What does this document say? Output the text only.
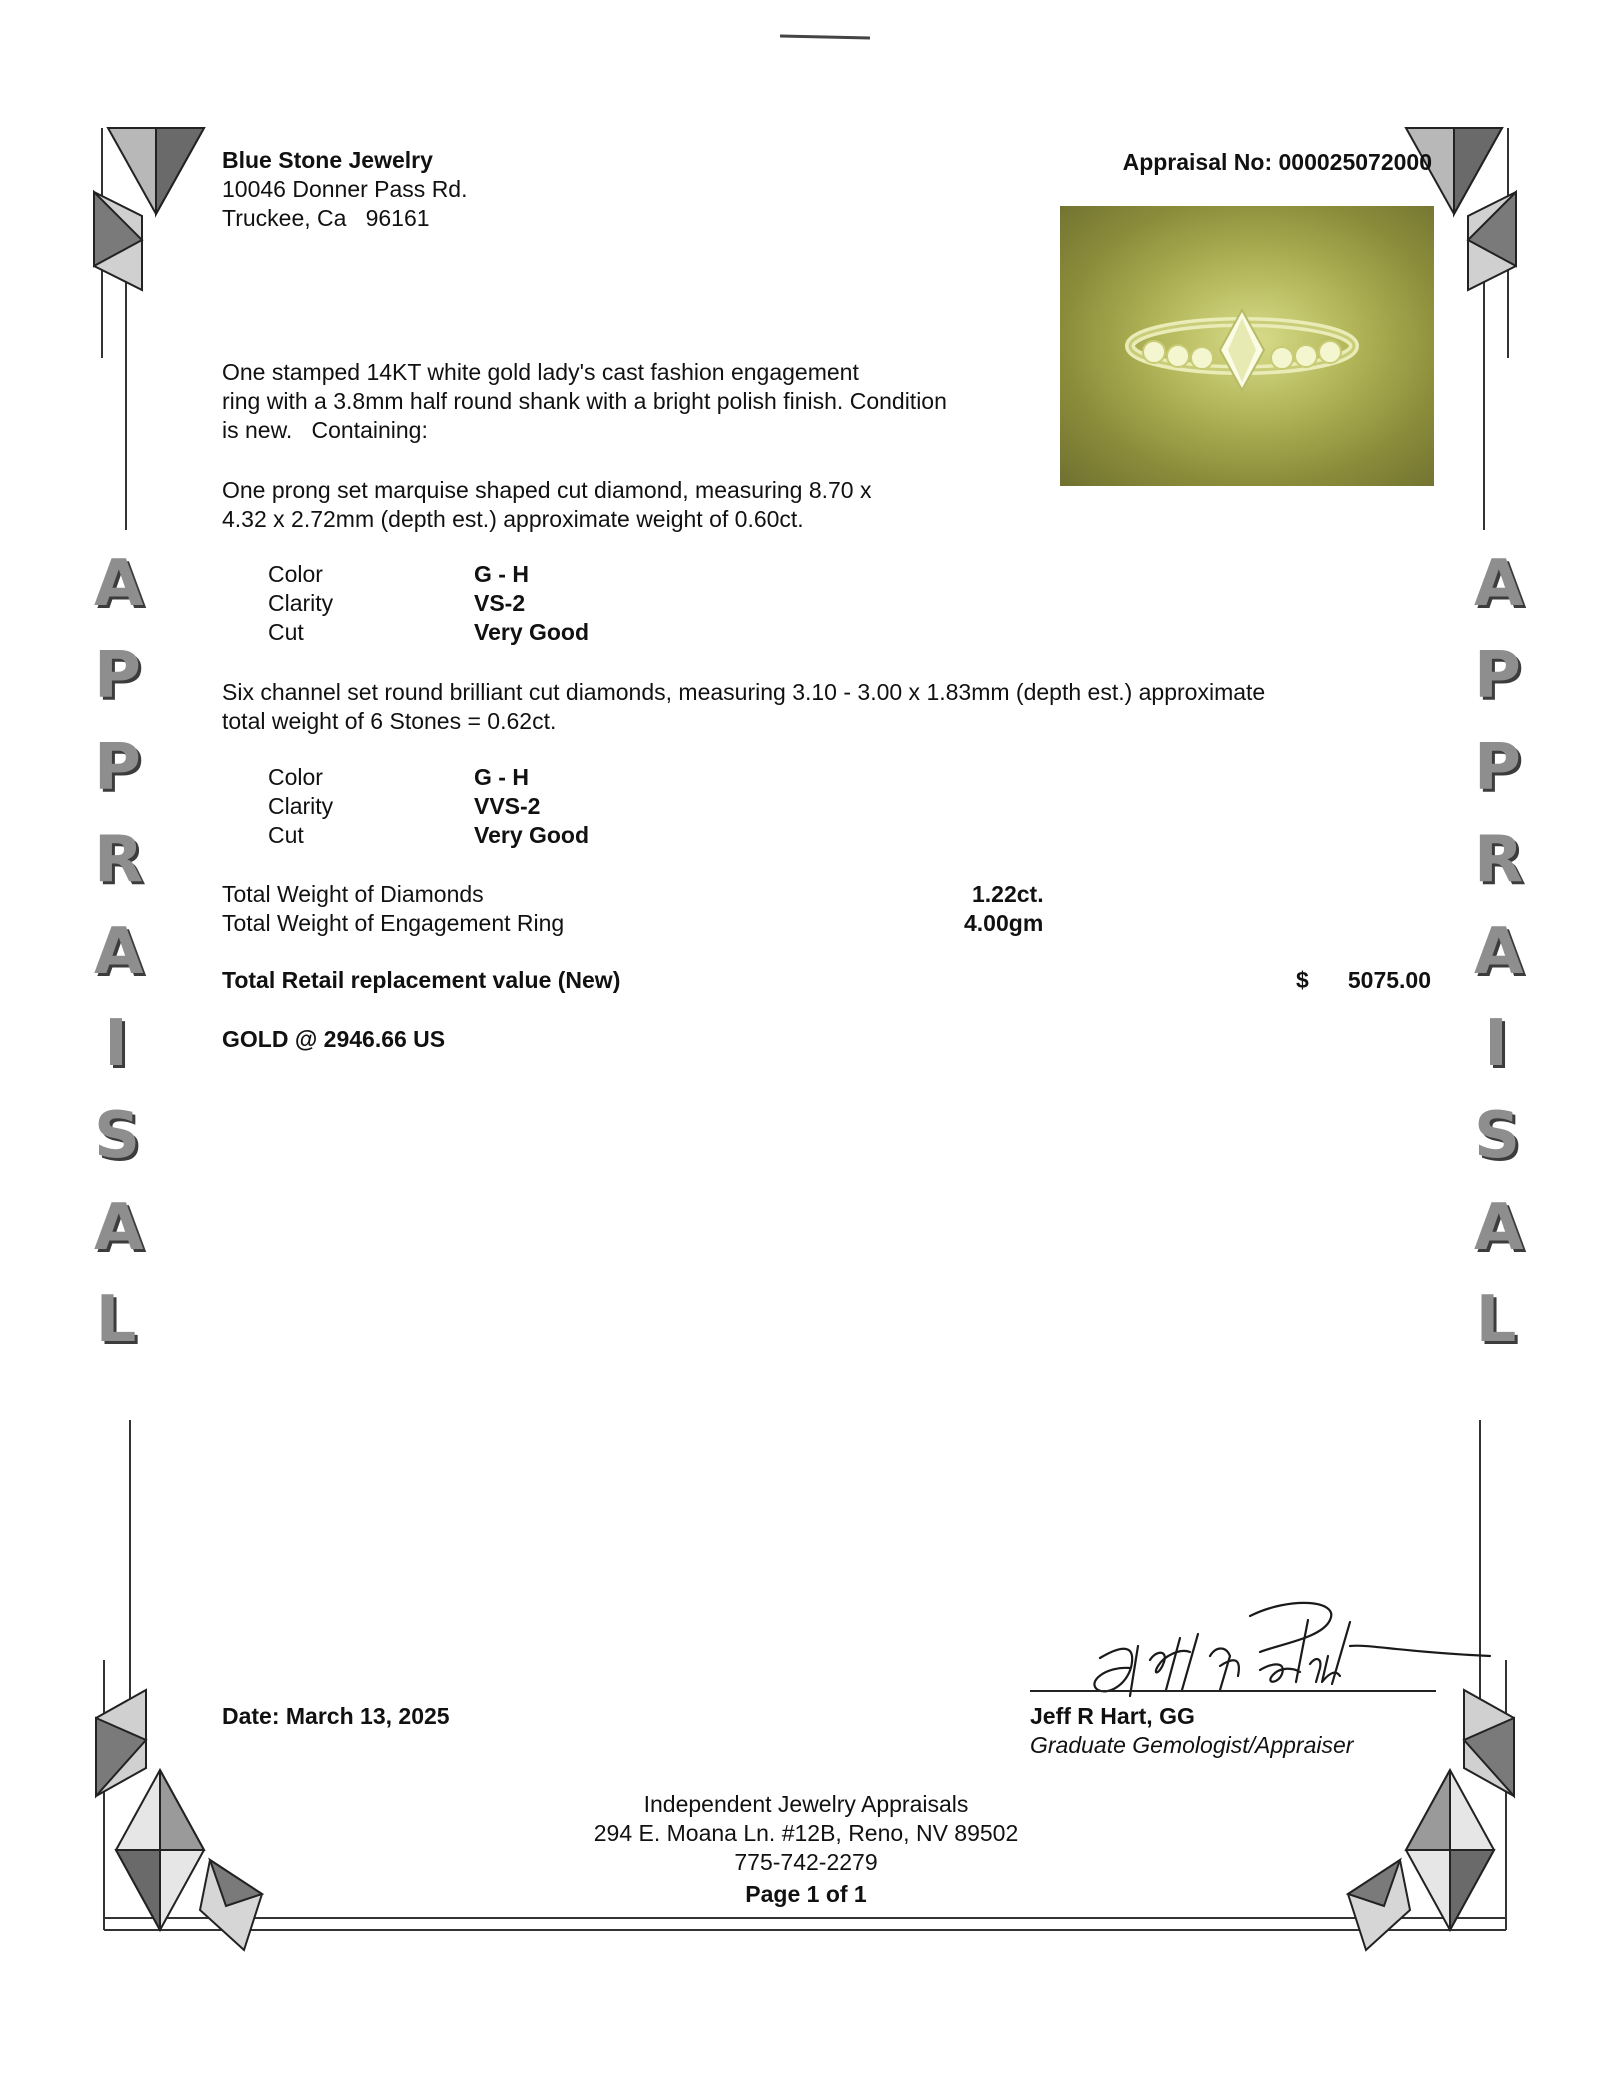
A
P
P
R
A
I
S
A
L
A
P
P
R
A
I
S
A
L
Blue Stone Jewelry
10046 Donner Pass Rd.
Truckee, Ca   96161
Appraisal No: 000025072000
One stamped 14KT white gold lady's cast fashion engagement
ring with a 3.8mm half round shank with a bright polish finish. Condition
is new.   Containing:
One prong set marquise shaped cut diamond, measuring 8.70 x
4.32 x 2.72mm (depth est.) approximate weight of 0.60ct.
Color	G - H
Clarity	VS-2
Cut	Very Good
Six channel set round brilliant cut diamonds, measuring 3.10 - 3.00 x 1.83mm (depth est.) approximate
total weight of 6 Stones = 0.62ct.
Color	G - H
Clarity	VVS-2
Cut	Very Good
Total Weight of Diamonds	1.22ct.
Total Weight of Engagement Ring	4.00gm
Total Retail replacement value (New)	$ 5075.00
GOLD @ 2946.66 US
Jeff R Hart, GG
Graduate Gemologist/Appraiser
Date: March 13, 2025
Independent Jewelry Appraisals
294 E. Moana Ln. #12B, Reno, NV 89502
775-742-2279
Page 1 of 1
